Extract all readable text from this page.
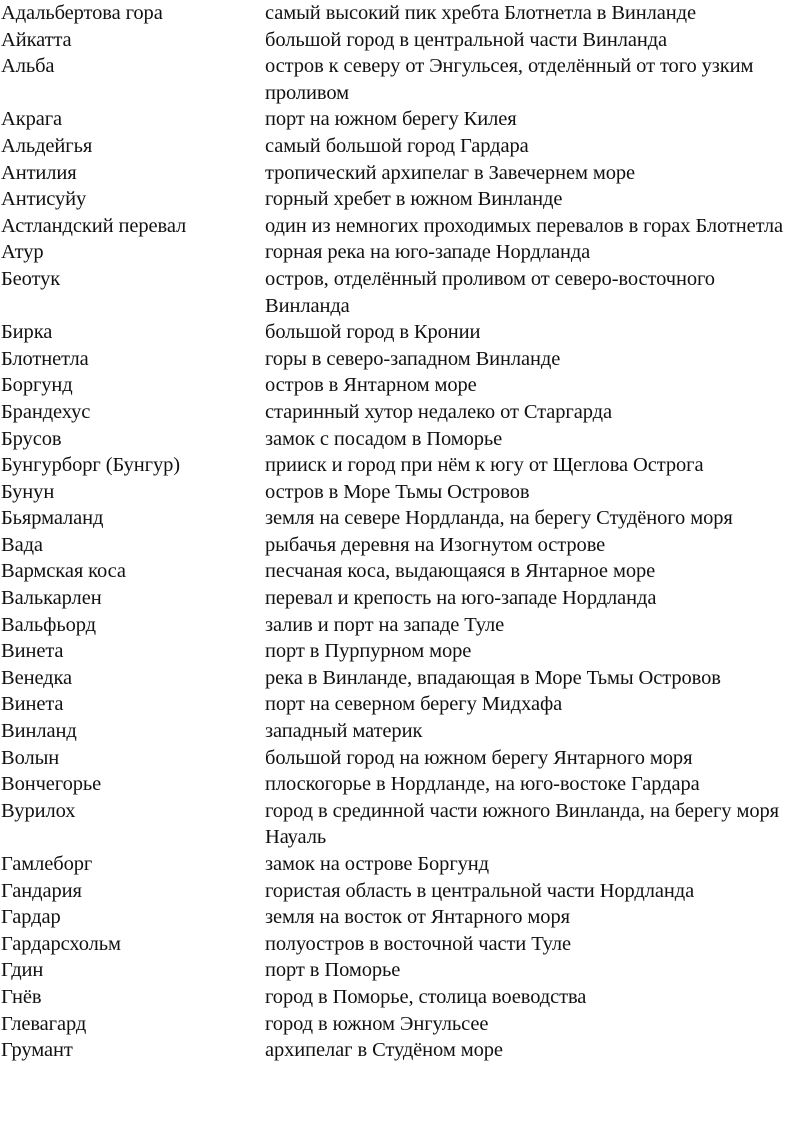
Адальбертова гора	самый высокий пик хребта Блотнетла в Винланде
Айкатта	большой город в центральной части Винланда
Альба	остров к северу от Энгульсея, отделённый от того узким проливом
Акрага	порт на южном берегу Килея
Альдейгья	самый большой город Гардара
Антилия	тропический архипелаг в Завечернем море
Антисуйу	горный хребет в южном Винланде
Астландский перевал	один из немногих проходимых перевалов в горах Блотнетла
Атур	горная река на юго-западе Нордланда
Беотук	остров, отделённый проливом от северо-восточного Винланда
Бирка	большой город в Кронии
Блотнетла	горы в северо-западном Винланде
Боргунд	остров в Янтарном море
Брандехус	старинный хутор недалеко от Старгарда
Брусов	замок с посадом в Поморье
Бунгурборг (Бунгур)	прииск и город при нём к югу от Щеглова Острога
Бунун	остров в Море Тьмы Островов
Бьярмаланд	земля на севере Нордланда, на берегу Студёного моря
Вада	рыбачья деревня на Изогнутом острове
Вармская коса	песчаная коса, выдающаяся в Янтарное море
Валькарлен	перевал и крепость на юго-западе Нордланда
Вальфьорд	залив и порт на западе Туле
Винета	порт в Пурпурном море
Венедка	река в Винланде, впадающая в Море Тьмы Островов
Винета	порт на северном берегу Мидхафа
Винланд	западный материк
Волын	большой город на южном берегу Янтарного моря
Вончегорье	плоскогорье в Нордланде, на юго-востоке Гардара
Вурилох	город в срединной части южного Винланда, на берегу моря Науаль
Гамлеборг	замок на острове Боргунд
Гандария	гористая область в центральной части Нордланда
Гардар	земля на восток от Янтарного моря
Гардарсхольм	полуостров в восточной части Туле
Гдин	порт в Поморье
Гнёв	город в Поморье, столица воеводства
Глевагард	город в южном Энгульсее
Грумант	архипелаг в Студёном море
